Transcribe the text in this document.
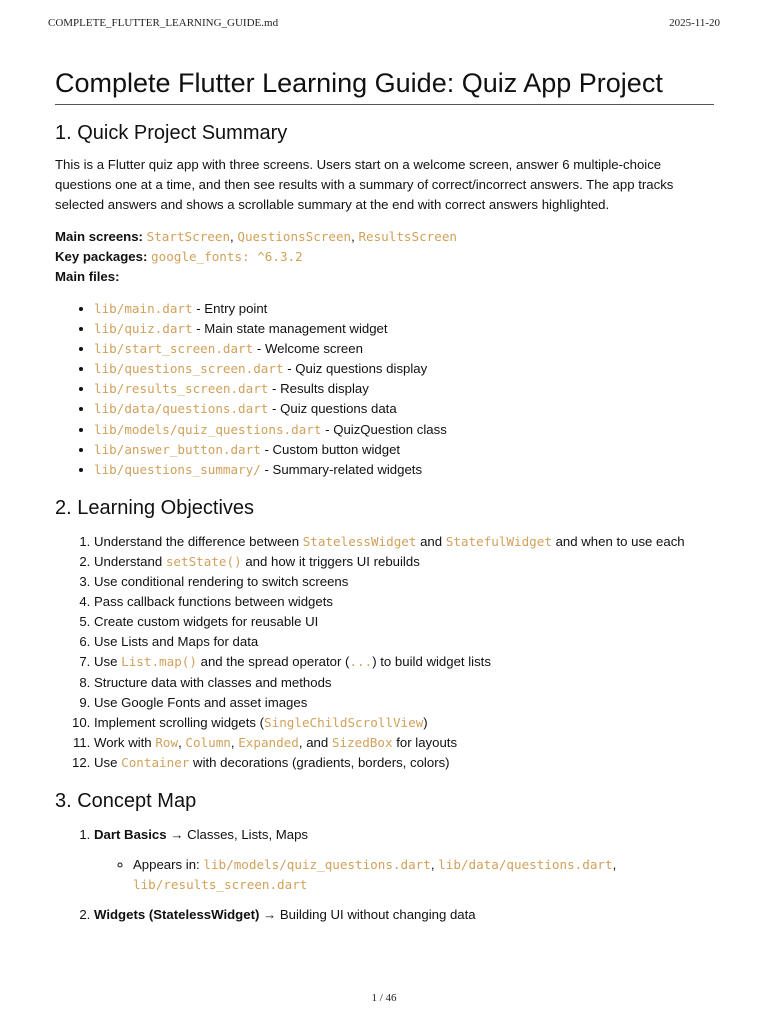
COMPLETE_FLUTTER_LEARNING_GUIDE.md	2025-11-20
Complete Flutter Learning Guide: Quiz App Project
1. Quick Project Summary

This is a Flutter quiz app with three screens. Users start on a welcome screen, answer 6 multiple-choice questions one at a time, and then see results with a summary of correct/incorrect answers. The app tracks selected answers and shows a scrollable summary at the end with correct answers highlighted.

Main screens: StartScreen, QuestionsScreen, ResultsScreen

Key packages: google_fonts: ^6.3.2

Main files:

• lib/main.dart - Entry point
• lib/quiz.dart - Main state management widget
• lib/start_screen.dart - Welcome screen
• lib/questions_screen.dart - Quiz questions display
• lib/results_screen.dart - Results display
• lib/data/questions.dart - Quiz questions data
• lib/models/quiz_questions.dart - QuizQuestion class
• lib/answer_button.dart - Custom button widget
• lib/questions_summary/ - Summary-related widgets
2. Learning Objectives
1. Understand the difference between StatelessWidget and StatefulWidget and when to use each
2. Understand setState() and how it triggers UI rebuilds
3. Use conditional rendering to switch screens
4. Pass callback functions between widgets
5. Create custom widgets for reusable UI
6. Use Lists and Maps for data
7. Use List.map() and the spread operator (...) to build widget lists
8. Structure data with classes and methods
9. Use Google Fonts and asset images
10. Implement scrolling widgets (SingleChildScrollView)
11. Work with Row, Column, Expanded, and SizedBox for layouts
12. Use Container with decorations (gradients, borders, colors)
3. Concept Map
1. Dart Basics → Classes, Lists, Maps
◦ Appears in: lib/models/quiz_questions.dart, lib/data/questions.dart, lib/results_screen.dart
2. Widgets (StatelessWidget) → Building UI without changing data
1 / 46
